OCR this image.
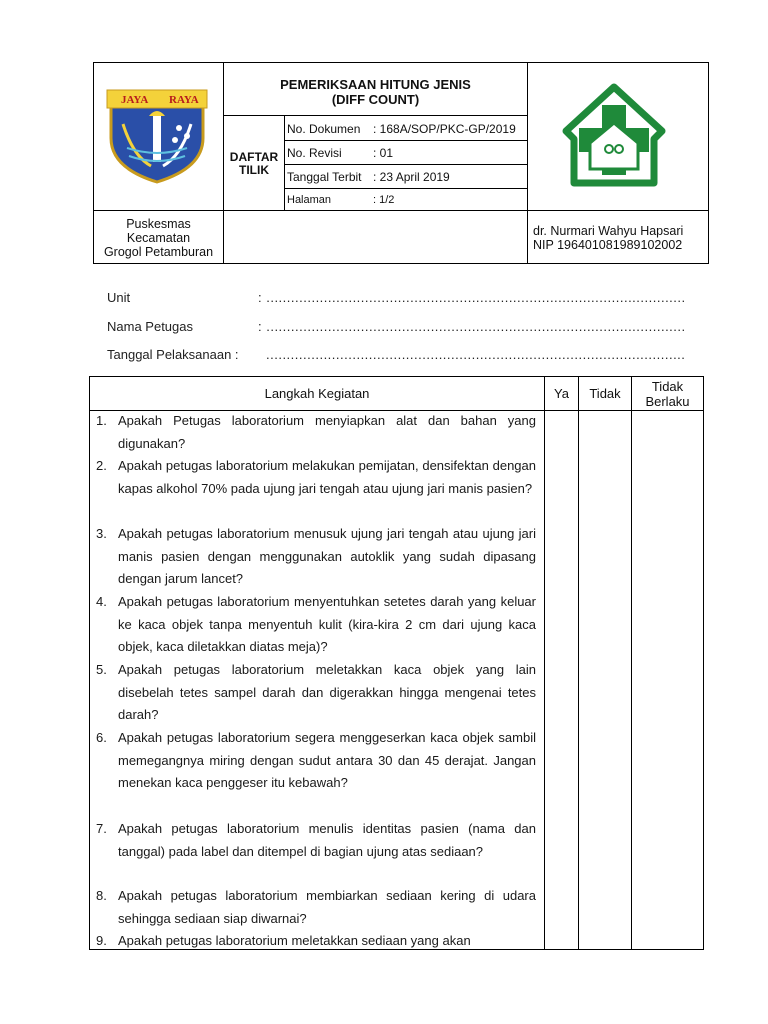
JAYA RAYA
PEMERIKSAAN HITUNG JENIS
(DIFF COUNT)
DAFTAR
TILIK
No. Dokumen : 168A/SOP/PKC-GP/2019
No. Revisi	: 01
Tanggal Terbit : 23 April 2019
Halaman	: 1/2
Puskesmas
Kecamatan
Grogol Petamburan
dr. Nurmari Wahyu Hapsari
NIP 196401081989102002
Unit	: ......................................................................................................
Nama Petugas	: ......................................................................................................
Tanggal Pelaksanaan : ......................................................................................................
Langkah Kegiatan	Ya	Tidak	Tidak
Berlaku
1. Apakah Petugas laboratorium menyiapkan alat dan bahan yang digunakan?
2. Apakah petugas laboratorium melakukan pemijatan, densifektan dengan kapas alkohol 70% pada ujung jari tengah atau ujung jari manis pasien?
3. Apakah petugas laboratorium menusuk ujung jari tengah atau ujung jari manis pasien dengan menggunakan autoklik yang sudah dipasang dengan jarum lancet?
4. Apakah petugas laboratorium menyentuhkan setetes darah yang keluar ke kaca objek tanpa menyentuh kulit (kira-kira 2 cm dari ujung kaca objek, kaca diletakkan diatas meja)?
5. Apakah petugas laboratorium meletakkan kaca objek yang lain disebelah tetes sampel darah dan digerakkan hingga mengenai tetes darah?
6. Apakah petugas laboratorium segera menggeserkan kaca objek sambil memegangnya miring dengan sudut antara 30 dan 45 derajat. Jangan menekan kaca penggeser itu kebawah?
7. Apakah petugas laboratorium menulis identitas pasien (nama dan tanggal) pada label dan ditempel di bagian ujung atas sediaan?
8. Apakah petugas laboratorium membiarkan sediaan kering di udara sehingga sediaan siap diwarnai?
9. Apakah petugas laboratorium meletakkan sediaan yang akan
